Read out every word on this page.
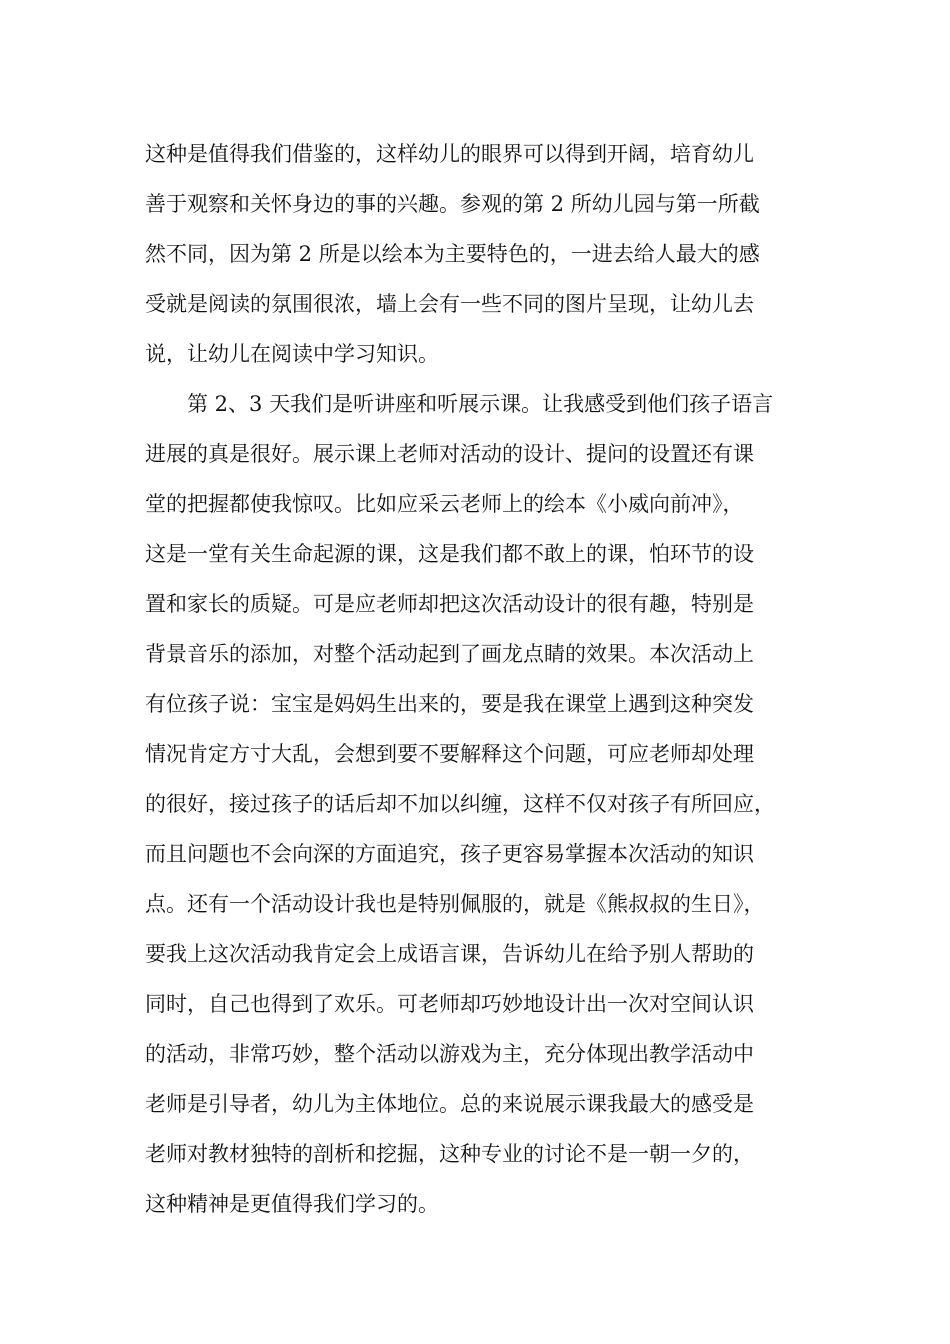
这种是值得我们借鉴的，这样幼儿的眼界可以得到开阔，培育幼儿

善于观察和关怀身边的事的兴趣。参观的第 2 所幼儿园与第一所截

然不同，因为第 2 所是以绘本为主要特色的，一进去给人最大的感

受就是阅读的氛围很浓，墙上会有一些不同的图片呈现，让幼儿去

说，让幼儿在阅读中学习知识。

第 2、3 天我们是听讲座和听展示课。让我感受到他们孩子语言

进展的真是很好。展示课上老师对活动的设计、提问的设置还有课

堂的把握都使我惊叹。比如应采云老师上的绘本《小威向前冲》，

这是一堂有关生命起源的课，这是我们都不敢上的课，怕环节的设

置和家长的质疑。可是应老师却把这次活动设计的很有趣，特别是

背景音乐的添加，对整个活动起到了画龙点睛的效果。本次活动上

有位孩子说：宝宝是妈妈生出来的，要是我在课堂上遇到这种突发

情况肯定方寸大乱，会想到要不要解释这个问题，可应老师却处理

的很好，接过孩子的话后却不加以纠缠，这样不仅对孩子有所回应，

而且问题也不会向深的方面追究，孩子更容易掌握本次活动的知识

点。还有一个活动设计我也是特别佩服的，就是《熊叔叔的生日》，

要我上这次活动我肯定会上成语言课，告诉幼儿在给予别人帮助的

同时，自己也得到了欢乐。可老师却巧妙地设计出一次对空间认识

的活动，非常巧妙，整个活动以游戏为主，充分体现出教学活动中

老师是引导者，幼儿为主体地位。总的来说展示课我最大的感受是

老师对教材独特的剖析和挖掘，这种专业的讨论不是一朝一夕的，

这种精神是更值得我们学习的。
